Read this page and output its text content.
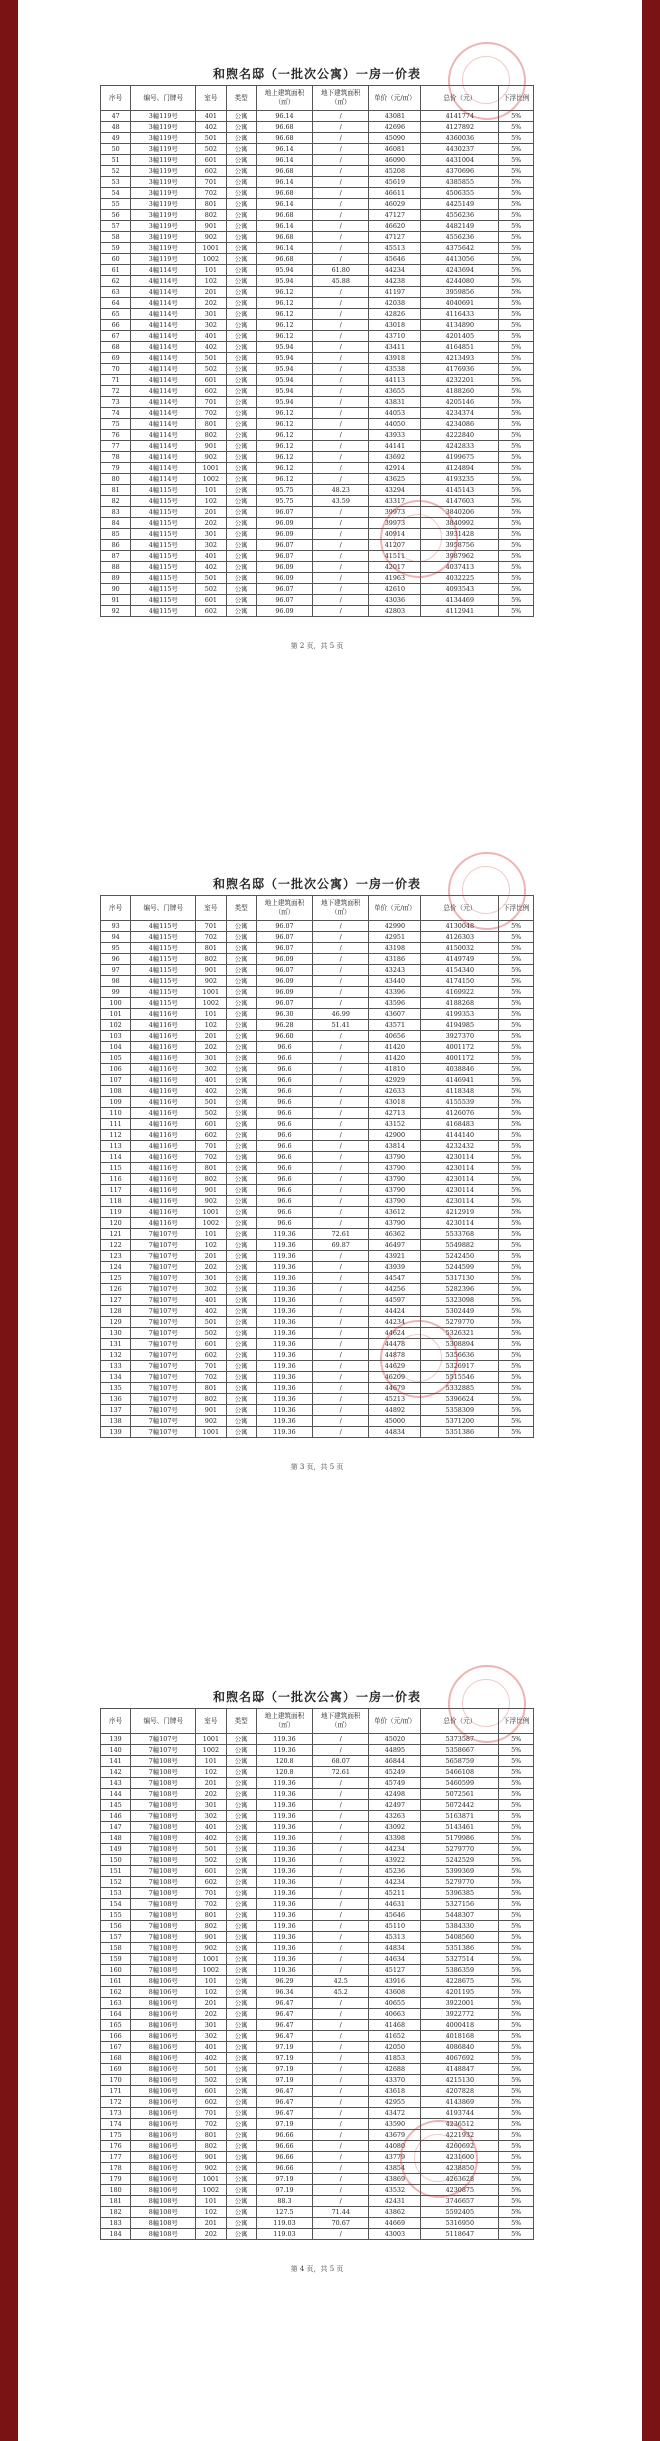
和煦名邸（一批次公寓）一房一价表
序号	编号、门牌号	室号	类型	地上建筑面积（㎡）	地下建筑面积（㎡）	单价（元/㎡）	总价（元）	下浮比例
47	3幢119号	401	公寓	96.14	/	43081	4141774	5%
48	3幢119号	402	公寓	96.68	/	42696	4127892	5%
49	3幢119号	501	公寓	96.68	/	45090	4360036	5%
50	3幢119号	502	公寓	96.14	/	46081	4430237	5%
51	3幢119号	601	公寓	96.14	/	46090	4431004	5%
52	3幢119号	602	公寓	96.68	/	45208	4370696	5%
53	3幢119号	701	公寓	96.14	/	45619	4385855	5%
54	3幢119号	702	公寓	96.68	/	46611	4506355	5%
55	3幢119号	801	公寓	96.14	/	46029	4425149	5%
56	3幢119号	802	公寓	96.68	/	47127	4556236	5%
57	3幢119号	901	公寓	96.14	/	46620	4482149	5%
58	3幢119号	902	公寓	96.68	/	47127	4556236	5%
59	3幢119号	1001	公寓	96.14	/	45513	4375642	5%
60	3幢119号	1002	公寓	96.68	/	45646	4413056	5%
61	4幢114号	101	公寓	95.94	61.80	44234	4243694	5%
62	4幢114号	102	公寓	95.94	45.88	44238	4244080	5%
63	4幢114号	201	公寓	96.12	/	41197	3959856	5%
64	4幢114号	202	公寓	96.12	/	42038	4040691	5%
65	4幢114号	301	公寓	96.12	/	42826	4116433	5%
66	4幢114号	302	公寓	96.12	/	43018	4134890	5%
67	4幢114号	401	公寓	96.12	/	43710	4201405	5%
68	4幢114号	402	公寓	95.94	/	43411	4164851	5%
69	4幢114号	501	公寓	95.94	/	43918	4213493	5%
70	4幢114号	502	公寓	95.94	/	43538	4176936	5%
71	4幢114号	601	公寓	95.94	/	44113	4232201	5%
72	4幢114号	602	公寓	95.94	/	43655	4188260	5%
73	4幢114号	701	公寓	95.94	/	43831	4205146	5%
74	4幢114号	702	公寓	96.12	/	44053	4234374	5%
75	4幢114号	801	公寓	96.12	/	44050	4234086	5%
76	4幢114号	802	公寓	96.12	/	43933	4222840	5%
77	4幢114号	901	公寓	96.12	/	44141	4242833	5%
78	4幢114号	902	公寓	96.12	/	43692	4199675	5%
79	4幢114号	1001	公寓	96.12	/	42914	4124894	5%
80	4幢114号	1002	公寓	96.12	/	43625	4193235	5%
81	4幢115号	101	公寓	95.75	48.23	43294	4145143	5%
82	4幢115号	102	公寓	95.75	43.59	43317	4147603	5%
83	4幢115号	201	公寓	96.07	/	39973	3840206	5%
84	4幢115号	202	公寓	96.09	/	39973	3840992	5%
85	4幢115号	301	公寓	96.09	/	40914	3931428	5%
86	4幢115号	302	公寓	96.07	/	41207	3958756	5%
87	4幢115号	401	公寓	96.07	/	41511	3987962	5%
88	4幢115号	402	公寓	96.09	/	42017	4037413	5%
89	4幢115号	501	公寓	96.09	/	41963	4032225	5%
90	4幢115号	502	公寓	96.07	/	42610	4093543	5%
91	4幢115号	601	公寓	96.07	/	43036	4134469	5%
92	4幢115号	602	公寓	96.09	/	42803	4112941	5%
第 2 页，共 5 页
和煦名邸（一批次公寓）一房一价表
序号	编号、门牌号	室号	类型	地上建筑面积（㎡）	地下建筑面积（㎡）	单价（元/㎡）	总价（元）	下浮比例
93	4幢115号	701	公寓	96.07	/	42990	4130048	5%
94	4幢115号	702	公寓	96.07	/	42951	4126303	5%
95	4幢115号	801	公寓	96.07	/	43198	4150032	5%
96	4幢115号	802	公寓	96.09	/	43186	4149749	5%
97	4幢115号	901	公寓	96.07	/	43243	4154340	5%
98	4幢115号	902	公寓	96.09	/	43440	4174150	5%
99	4幢115号	1001	公寓	96.09	/	43396	4169922	5%
100	4幢115号	1002	公寓	96.07	/	43596	4188268	5%
101	4幢116号	101	公寓	96.30	46.99	43607	4199353	5%
102	4幢116号	102	公寓	96.28	51.41	43571	4194985	5%
103	4幢116号	201	公寓	96.60	/	40656	3927370	5%
104	4幢116号	202	公寓	96.6	/	41420	4001172	5%
105	4幢116号	301	公寓	96.6	/	41420	4001172	5%
106	4幢116号	302	公寓	96.6	/	41810	4038846	5%
107	4幢116号	401	公寓	96.6	/	42929	4146941	5%
108	4幢116号	402	公寓	96.6	/	42633	4118348	5%
109	4幢116号	501	公寓	96.6	/	43018	4155539	5%
110	4幢116号	502	公寓	96.6	/	42713	4126076	5%
111	4幢116号	601	公寓	96.6	/	43152	4168483	5%
112	4幢116号	602	公寓	96.6	/	42900	4144140	5%
113	4幢116号	701	公寓	96.6	/	43814	4232432	5%
114	4幢116号	702	公寓	96.6	/	43790	4230114	5%
115	4幢116号	801	公寓	96.6	/	43790	4230114	5%
116	4幢116号	802	公寓	96.6	/	43790	4230114	5%
117	4幢116号	901	公寓	96.6	/	43790	4230114	5%
118	4幢116号	902	公寓	96.6	/	43790	4230114	5%
119	4幢116号	1001	公寓	96.6	/	43612	4212919	5%
120	4幢116号	1002	公寓	96.6	/	43790	4230114	5%
121	7幢107号	101	公寓	119.36	72.61	46362	5533768	5%
122	7幢107号	102	公寓	119.36	69.87	46497	5549882	5%
123	7幢107号	201	公寓	119.36	/	43921	5242450	5%
124	7幢107号	202	公寓	119.36	/	43939	5244599	5%
125	7幢107号	301	公寓	119.36	/	44547	5317130	5%
126	7幢107号	302	公寓	119.36	/	44256	5282396	5%
127	7幢107号	401	公寓	119.36	/	44597	5323098	5%
128	7幢107号	402	公寓	119.36	/	44424	5302449	5%
129	7幢107号	501	公寓	119.36	/	44234	5279770	5%
130	7幢107号	502	公寓	119.36	/	44624	5326321	5%
131	7幢107号	601	公寓	119.36	/	44478	5308894	5%
132	7幢107号	602	公寓	119.36	/	44878	5356636	5%
133	7幢107号	701	公寓	119.36	/	44629	5326917	5%
134	7幢107号	702	公寓	119.36	/	46209	5515546	5%
135	7幢107号	801	公寓	119.36	/	44679	5332885	5%
136	7幢107号	802	公寓	119.36	/	45213	5396624	5%
137	7幢107号	901	公寓	119.36	/	44892	5358309	5%
138	7幢107号	902	公寓	119.36	/	45000	5371200	5%
139	7幢107号	1001	公寓	119.36	/	44834	5351386	5%
第 3 页，共 5 页
和煦名邸（一批次公寓）一房一价表
序号	编号、门牌号	室号	类型	地上建筑面积（㎡）	地下建筑面积（㎡）	单价（元/㎡）	总价（元）	下浮比例
139	7幢107号	1001	公寓	119.36	/	45020	5373587	5%
140	7幢107号	1002	公寓	119.36	/	44895	5358667	5%
141	7幢108号	101	公寓	120.8	68.07	46844	5658759	5%
142	7幢108号	102	公寓	120.8	72.61	45249	5466108	5%
143	7幢108号	201	公寓	119.36	/	45749	5460599	5%
144	7幢108号	202	公寓	119.36	/	42498	5072561	5%
145	7幢108号	301	公寓	119.36	/	42497	5072442	5%
146	7幢108号	302	公寓	119.36	/	43263	5163871	5%
147	7幢108号	401	公寓	119.36	/	43092	5143461	5%
148	7幢108号	402	公寓	119.36	/	43398	5179986	5%
149	7幢108号	501	公寓	119.36	/	44234	5279770	5%
150	7幢108号	502	公寓	119.36	/	43922	5242529	5%
151	7幢108号	601	公寓	119.36	/	45236	5399369	5%
152	7幢108号	602	公寓	119.36	/	44234	5279770	5%
153	7幢108号	701	公寓	119.36	/	45211	5396385	5%
154	7幢108号	702	公寓	119.36	/	44631	5327156	5%
155	7幢108号	801	公寓	119.36	/	45646	5448307	5%
156	7幢108号	802	公寓	119.36	/	45110	5384330	5%
157	7幢108号	901	公寓	119.36	/	45313	5408560	5%
158	7幢108号	902	公寓	119.36	/	44834	5351386	5%
159	7幢108号	1001	公寓	119.36	/	44634	5327514	5%
160	7幢108号	1002	公寓	119.36	/	45127	5386359	5%
161	8幢106号	101	公寓	96.29	42.5	43916	4228675	5%
162	8幢106号	102	公寓	96.34	45.2	43608	4201195	5%
163	8幢106号	201	公寓	96.47	/	40655	3922001	5%
164	8幢106号	202	公寓	96.47	/	40663	3922772	5%
165	8幢106号	301	公寓	96.47	/	41468	4000418	5%
166	8幢106号	302	公寓	96.47	/	41652	4018168	5%
167	8幢106号	401	公寓	97.19	/	42050	4086840	5%
168	8幢106号	402	公寓	97.19	/	41853	4067692	5%
169	8幢106号	501	公寓	97.19	/	42688	4148847	5%
170	8幢106号	502	公寓	97.19	/	43370	4215130	5%
171	8幢106号	601	公寓	96.47	/	43618	4207828	5%
172	8幢106号	602	公寓	96.47	/	42955	4143869	5%
173	8幢106号	701	公寓	96.47	/	43472	4193744	5%
174	8幢106号	702	公寓	97.19	/	43590	4236512	5%
175	8幢106号	801	公寓	96.66	/	43679	4221932	5%
176	8幢106号	802	公寓	96.66	/	44080	4260692	5%
177	8幢106号	901	公寓	96.66	/	43779	4231600	5%
178	8幢106号	902	公寓	96.66	/	43854	4238850	5%
179	8幢106号	1001	公寓	97.19	/	43869	4263628	5%
180	8幢106号	1002	公寓	97.19	/	43532	4230875	5%
181	8幢108号	101	公寓	88.3	/	42431	3746657	5%
182	8幢108号	102	公寓	127.5	71.44	43862	5592405	5%
183	8幢108号	201	公寓	119.03	70.67	44669	5316950	5%
184	8幢108号	202	公寓	119.03	/	43003	5118647	5%
第 4 页，共 5 页
